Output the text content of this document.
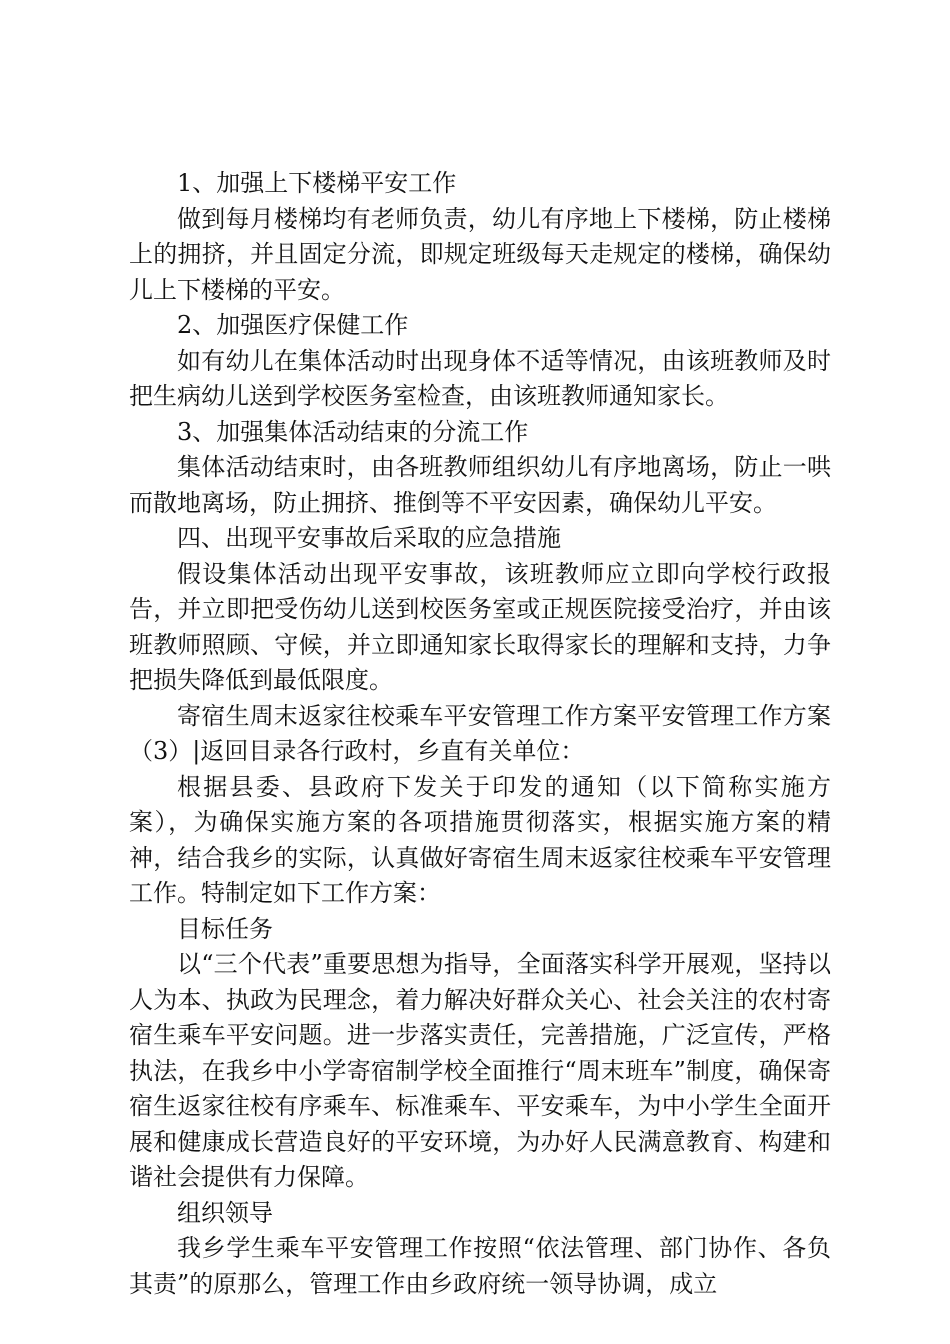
1、加强上下楼梯平安工作

做到每月楼梯均有老师负责，幼儿有序地上下楼梯，防止楼梯上的拥挤，并且固定分流，即规定班级每天走规定的楼梯，确保幼儿上下楼梯的平安。

2、加强医疗保健工作

如有幼儿在集体活动时出现身体不适等情况，由该班教师及时把生病幼儿送到学校医务室检查，由该班教师通知家长。

3、加强集体活动结束的分流工作

集体活动结束时，由各班教师组织幼儿有序地离场，防止一哄而散地离场，防止拥挤、推倒等不平安因素，确保幼儿平安。

四、出现平安事故后采取的应急措施

假设集体活动出现平安事故，该班教师应立即向学校行政报告，并立即把受伤幼儿送到校医务室或正规医院接受治疗，并由该班教师照顾、守候，并立即通知家长取得家长的理解和支持，力争把损失降低到最低限度。

寄宿生周末返家往校乘车平安管理工作方案平安管理工作方案（3）|返回目录各行政村，乡直有关单位：

根据县委、县政府下发关于印发的通知（以下简称实施方案），为确保实施方案的各项措施贯彻落实，根据实施方案的精神，结合我乡的实际，认真做好寄宿生周末返家往校乘车平安管理工作。特制定如下工作方案：

目标任务

以“三个代表”重要思想为指导，全面落实科学开展观，坚持以人为本、执政为民理念，着力解决好群众关心、社会关注的农村寄宿生乘车平安问题。进一步落实责任，完善措施，广泛宣传，严格执法，在我乡中小学寄宿制学校全面推行“周末班车”制度，确保寄宿生返家往校有序乘车、标准乘车、平安乘车，为中小学生全面开展和健康成长营造良好的平安环境，为办好人民满意教育、构建和谐社会提供有力保障。

组织领导

我乡学生乘车平安管理工作按照“依法管理、部门协作、各负其责”的原那么，管理工作由乡政府统一领导协调，成立
